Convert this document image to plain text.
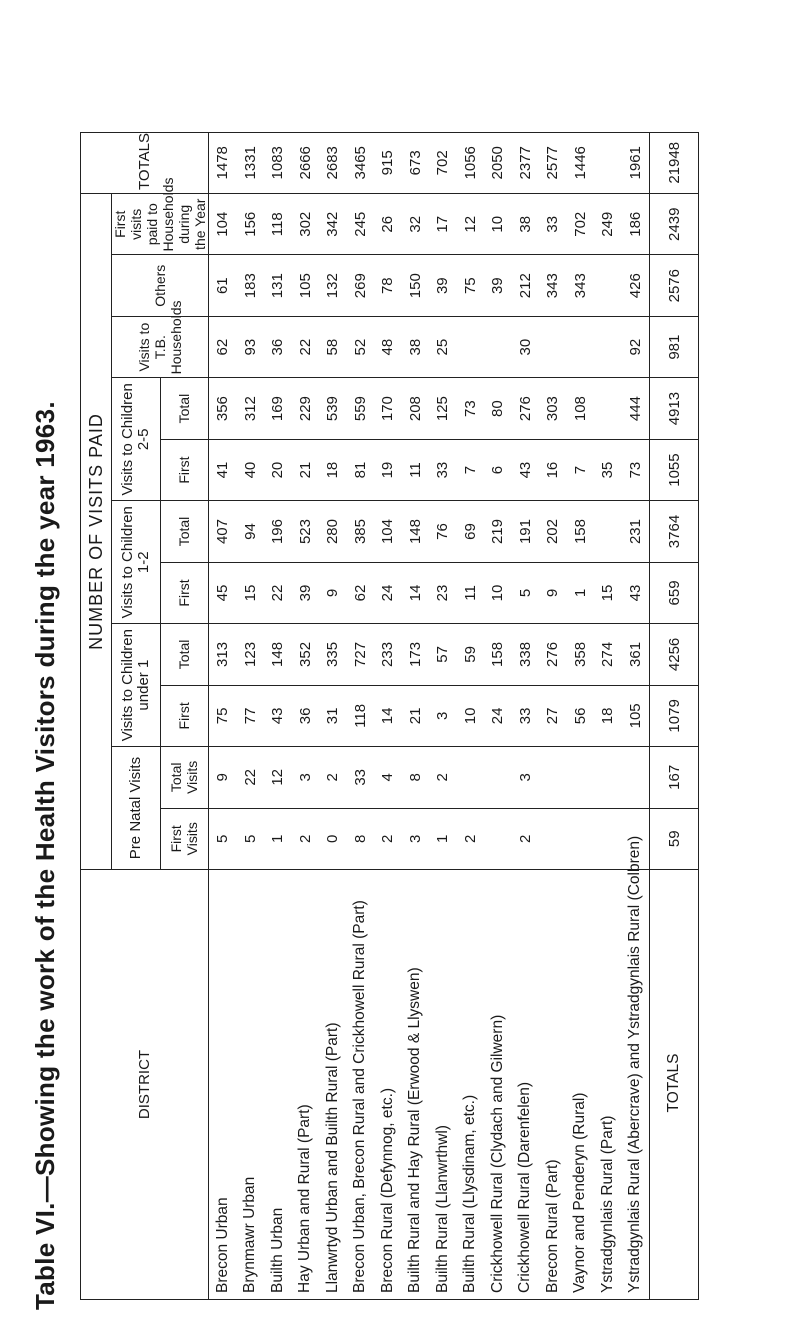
Table VI.—Showing the work of the Health Visitors during the year 1963.	DISTRICT	NUMBER OF VISITS PAID											TOTALS
	Pre Natal Visits		Visits to Children under 1		Visits to Children 1-2		Visits to Children 2-5		Visits to T.B. Households	Others	First visits paid to Households during the Year	
	First Visits	Total Visits	First	Total	First	Total	First	Total				
Brecon Urban	5	9	75	313	45	407	41	356	62	61	104	1478
Brynmawr Urban	5	22	77	123	15	94	40	312	93	183	156	1331
Builth Urban	1	12	43	148	22	196	20	169	36	131	118	1083
Hay Urban and Rural (Part)	2	3	36	352	39	523	21	229	22	105	302	2666
Llanwrtyd Urban and Builth Rural (Part)	0	2	31	335	9	280	18	539	58	132	342	2683
Brecon Urban, Brecon Rural and Crickhowell Rural (Part)	8	33	118	727	62	385	81	559	52	269	245	3465
Brecon Rural (Defynnog, etc.)	2	4	14	233	24	104	19	170	48	78	26	915
Builth Rural and Hay Rural (Erwood & Llyswen)	3	8	21	173	14	148	11	208	38	150	32	673
Builth Rural (Llanwrthwl)	1	2	3	57	23	76	33	125	25	39	17	702
Builth Rural (Llysdinam, etc.)	2		10	59	11	69	7	73		75	12	1056
Crickhowell Rural (Clydach and Gilwern)			24	158	10	219	6	80		39	10	2050
Crickhowell Rural (Darenfelen)	2	3	33	338	5	191	43	276	30	212	38	2377
Brecon Rural (Part)			27	276	9	202	16	303		343	33	2577
Vaynor and Penderyn (Rural)			56	358	1	158	7	108		343	702	1446
Ystradgynlais Rural (Part)			18	274	15		35				249	
Ystradgynlais Rural (Abercrave) and Ystradgynlais Rural (Colbren)			105	361	43	231	73	444	92	426	186	1961
TOTALS	59	167	1079	4256	659	3764	1055	4913	981	2576	2439	21948
